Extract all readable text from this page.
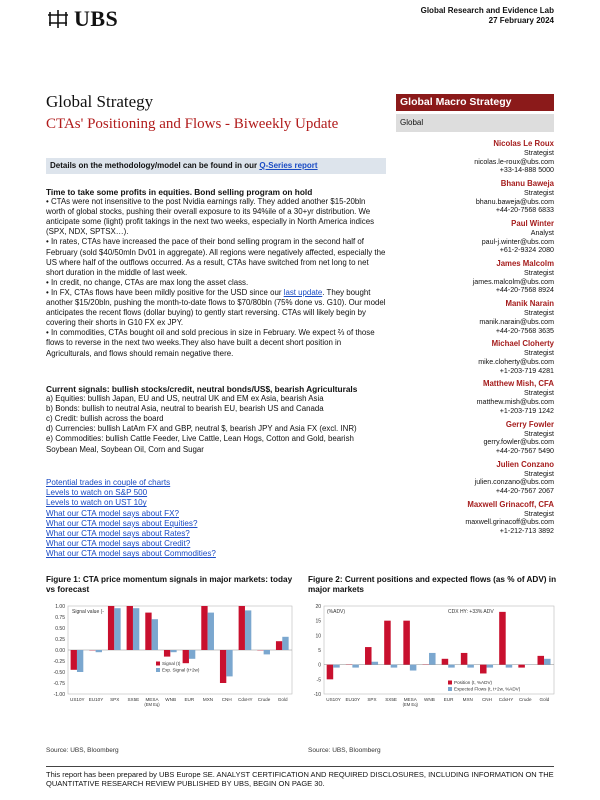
UBS	Global Research and Evidence Lab
27 February 2024
Global Strategy
CTAs' Positioning and Flows - Biweekly Update
Global Macro Strategy
Global
Details on the methodology/model can be found in our Q-Series report

Time to take some profits in equities. Bond selling program on hold

• CTAs were not insensitive to the post Nvidia earnings rally. They added another $15-20bln worth of global stocks, pushing their overall exposure to its 94%ile of a 30+yr distribution. We anticipate some (light) profit takings in the next two weeks, especially in North America indices (SPX, NDX, SPTSX…).

• In rates, CTAs have increased the pace of their bond selling program in the second half of February (sold $40/50mln Dv01 in aggregate). All regions were negatively affected, especially the US where half of the outflows occurred. As a result, CTAs have switched from net long to net short duration in the middle of last week.

• In credit, no change, CTAs are max long the asset class.

• In FX, CTAs flows have been mildly positive for the USD since our last update. They bought another $15/20bln, pushing the month-to-date flows to $70/80bln (75% done vs. G10). Our model anticipates the recent flows (dollar buying) to gently start reversing. CTAs will likely begin by covering their shorts in G10 FX ex JPY.

• In commodities, CTAs bought oil and sold precious in size in February. We expect ⅔ of those flows to reverse in the next two weeks.They also have built a decent short position in Agriculturals, and flows should remain negative there.

Current signals: bullish stocks/credit, neutral bonds/US$, bearish Agriculturals

a) Equities: bullish Japan, EU and US, neutral UK and EM ex Asia, bearish Asia

b) Bonds: bullish to neutral Asia, neutral to bearish EU, bearish US and Canada

c) Credit: bullish across the board

d) Currencies: bullish LatAm FX and GBP, neutral $, bearish JPY and Asia FX (excl. INR)

e) Commodities: bullish Cattle Feeder, Live Cattle, Lean Hogs, Cotton and Gold, bearish Soybean Meal, Soybean Oil, Corn and Sugar

Potential trades in couple of charts
Levels to watch on S&P 500
Levels to watch on UST 10y
What our CTA model says about FX?
What our CTA model says about Equities?
What our CTA model says about Rates?
What our CTA model says about Credit?
What our CTA model says about Commodities?
Nicolas Le Roux
Strategist
nicolas.le-roux@ubs.com
+33-14-888 5000
Bhanu Baweja
Strategist
bhanu.baweja@ubs.com
+44-20-7568 6833
Paul Winter
Analyst
paul-j.winter@ubs.com
+61-2-9324 2080
James Malcolm
Strategist
james.malcolm@ubs.com
+44-20-7568 8924
Manik Narain
Strategist
manik.narain@ubs.com
+44-20-7568 3635
Michael Cloherty
Strategist
mike.cloherty@ubs.com
+1-203-719 4281
Matthew Mish, CFA
Strategist
matthew.mish@ubs.com
+1-203-719 1242
Gerry Fowler
Strategist
gerry.fowler@ubs.com
+44-20-7567 5490
Julien Conzano
Strategist
julien.conzano@ubs.com
+44-20-7567 2067
Maxwell Grinacoff, CFA
Strategist
maxwell.grinacoff@ubs.com
+1-212-713 3892
Figure 1: CTA price momentum signals in major markets: today vs forecast
1.00
0.75
0.50
0.25
0.00
-0.25
-0.50
-0.75
-1.00
US10Y EU10Y SPX SX5E MESA
(EM Eq)
WNB EUR MXN CNH CdxHY Crude Gold
Signal value (-
Signal (t)
Exp. Signal (t+2w)
Source: UBS, Bloomberg
Figure 2: Current positions and expected flows (as % of ADV) in major markets
20
15
10
5
0
-5
-10
US10Y EU10Y SPX SX5E MESA
(EM Eq)
WNB EUR MXN CNH CdxHY Crude Gold
(%ADV)	CDX HY: +33% ADV
Position (t, %ADV)
Expected Flows (t, t+2w, %ADV)
Source: UBS, Bloomberg
This report has been prepared by UBS Europe SE. ANALYST CERTIFICATION AND REQUIRED DISCLOSURES, INCLUDING INFORMATION ON THE QUANTITATIVE RESEARCH REVIEW PUBLISHED BY UBS, BEGIN ON PAGE 30.
